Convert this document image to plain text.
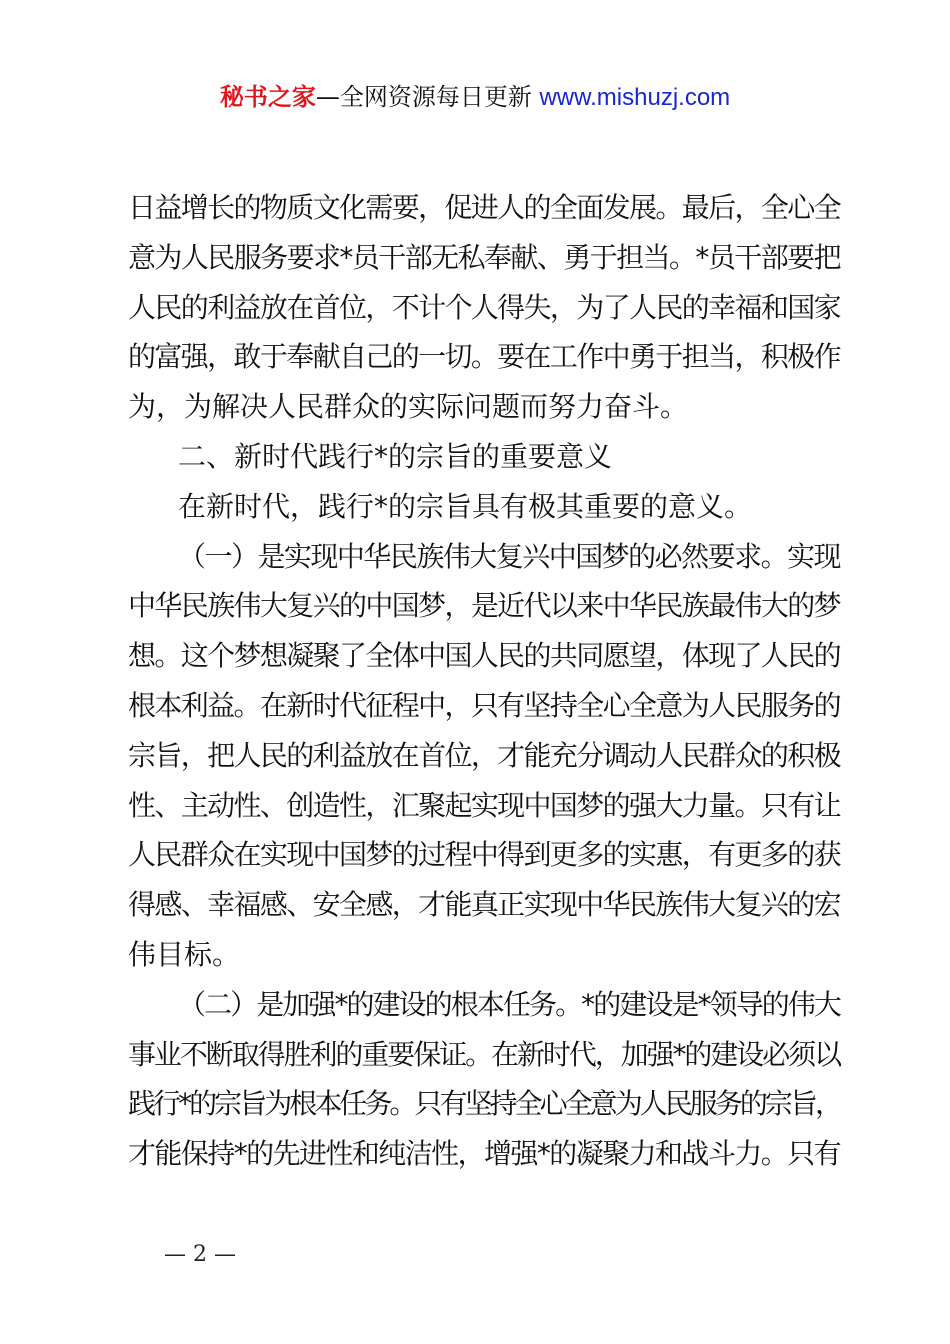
秘书之家—全网资源每日更新 www.mishuzj.com
日益增长的物质文化需要，促进人的全面发展。最后，全心全
意为人民服务要求*员干部无私奉献、勇于担当。*员干部要把
人民的利益放在首位，不计个人得失，为了人民的幸福和国家
的富强，敢于奉献自己的一切。要在工作中勇于担当，积极作
为，为解决人民群众的实际问题而努力奋斗。
二、新时代践行*的宗旨的重要意义
在新时代，践行*的宗旨具有极其重要的意义。
（一）是实现中华民族伟大复兴中国梦的必然要求。实现
中华民族伟大复兴的中国梦，是近代以来中华民族最伟大的梦
想。这个梦想凝聚了全体中国人民的共同愿望，体现了人民的
根本利益。在新时代征程中，只有坚持全心全意为人民服务的
宗旨，把人民的利益放在首位，才能充分调动人民群众的积极
性、主动性、创造性，汇聚起实现中国梦的强大力量。只有让
人民群众在实现中国梦的过程中得到更多的实惠，有更多的获
得感、幸福感、安全感，才能真正实现中华民族伟大复兴的宏
伟目标。
（二）是加强*的建设的根本任务。*的建设是*领导的伟大
事业不断取得胜利的重要保证。在新时代，加强*的建设必须以
践行*的宗旨为根本任务。只有坚持全心全意为人民服务的宗旨，
才能保持*的先进性和纯洁性，增强*的凝聚力和战斗力。只有
— 2 —
